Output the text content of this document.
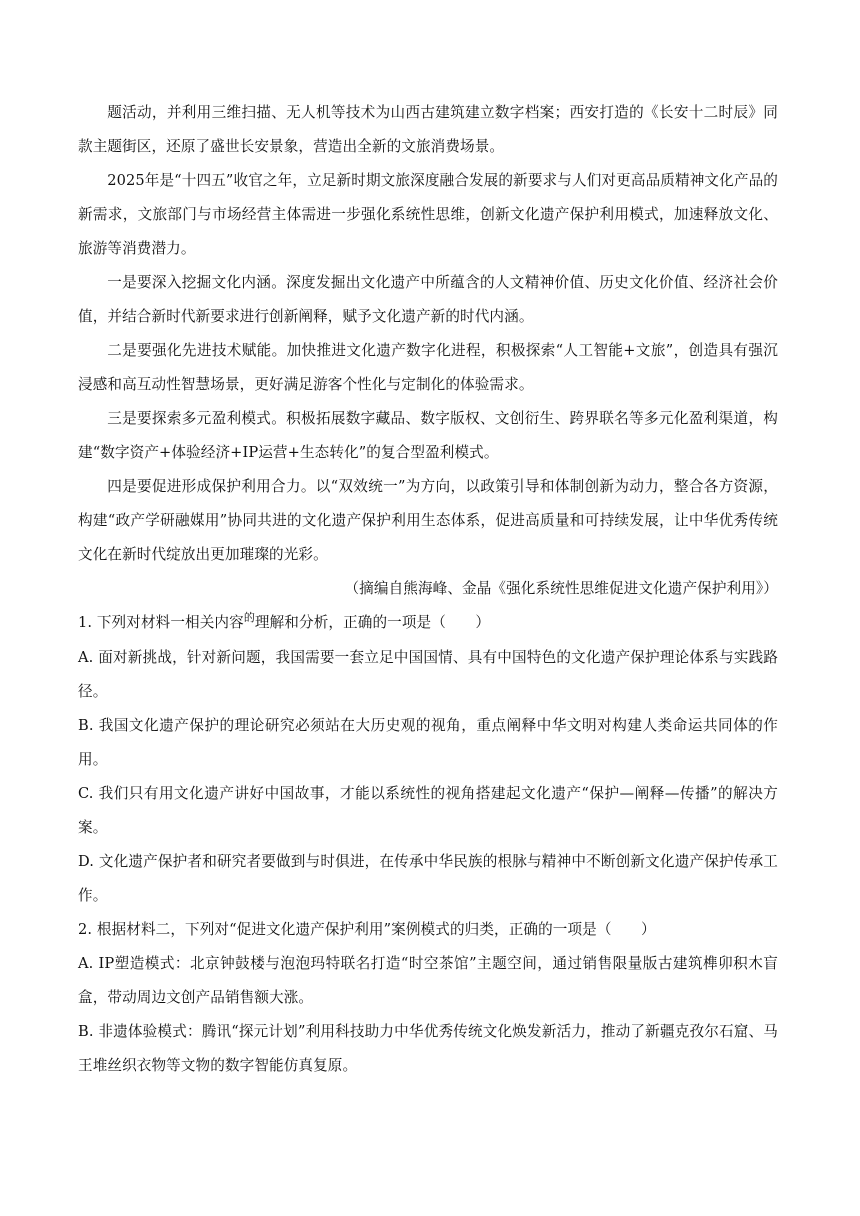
题活动，并利用三维扫描、无人机等技术为山西古建筑建立数字档案；西安打造的《长安十二时辰》同款主题街区，还原了盛世长安景象，营造出全新的文旅消费场景。

2025年是“十四五”收官之年，立足新时期文旅深度融合发展的新要求与人们对更高品质精神文化产品的新需求，文旅部门与市场经营主体需进一步强化系统性思维，创新文化遗产保护利用模式，加速释放文化、旅游等消费潜力。

一是要深入挖掘文化内涵。深度发掘出文化遗产中所蕴含的人文精神价值、历史文化价值、经济社会价值，并结合新时代新要求进行创新阐释，赋予文化遗产新的时代内涵。

二是要强化先进技术赋能。加快推进文化遗产数字化进程，积极探索“人工智能+文旅”，创造具有强沉浸感和高互动性智慧场景，更好满足游客个性化与定制化的体验需求。

三是要探索多元盈利模式。积极拓展数字藏品、数字版权、文创衍生、跨界联名等多元化盈利渠道，构建“数字资产+体验经济+IP运营+生态转化”的复合型盈利模式。

四是要促进形成保护利用合力。以“双效统一”为方向，以政策引导和体制创新为动力，整合各方资源，构建“政产学研融媒用”协同共进的文化遗产保护利用生态体系，促进高质量和可持续发展，让中华优秀传统文化在新时代绽放出更加璀璨的光彩。

（摘编自熊海峰、金晶《强化系统性思维促进文化遗产保护利用》）

1. 下列对材料一相关内容$^的$理解和分析，正确的一项是（　　）

A. 面对新挑战，针对新问题，我国需要一套立足中国国情、具有中国特色的文化遗产保护理论体系与实践路径。

B. 我国文化遗产保护的理论研究必须站在大历史观的视角，重点阐释中华文明对构建人类命运共同体的作用。

C. 我们只有用文化遗产讲好中国故事，才能以系统性的视角搭建起文化遗产“保护—阐释—传播”的解决方案。

D. 文化遗产保护者和研究者要做到与时俱进，在传承中华民族的根脉与精神中不断创新文化遗产保护传承工作。

2. 根据材料二，下列对“促进文化遗产保护利用”案例模式的归类，正确的一项是（　　）

A. IP塑造模式：北京钟鼓楼与泡泡玛特联名打造“时空茶馆”主题空间，通过销售限量版古建筑榫卯积木盲盒，带动周边文创产品销售额大涨。

B. 非遗体验模式：腾讯“探元计划”利用科技助力中华优秀传统文化焕发新活力，推动了新疆克孜尔石窟、马王堆丝织衣物等文物的数字智能仿真复原。
